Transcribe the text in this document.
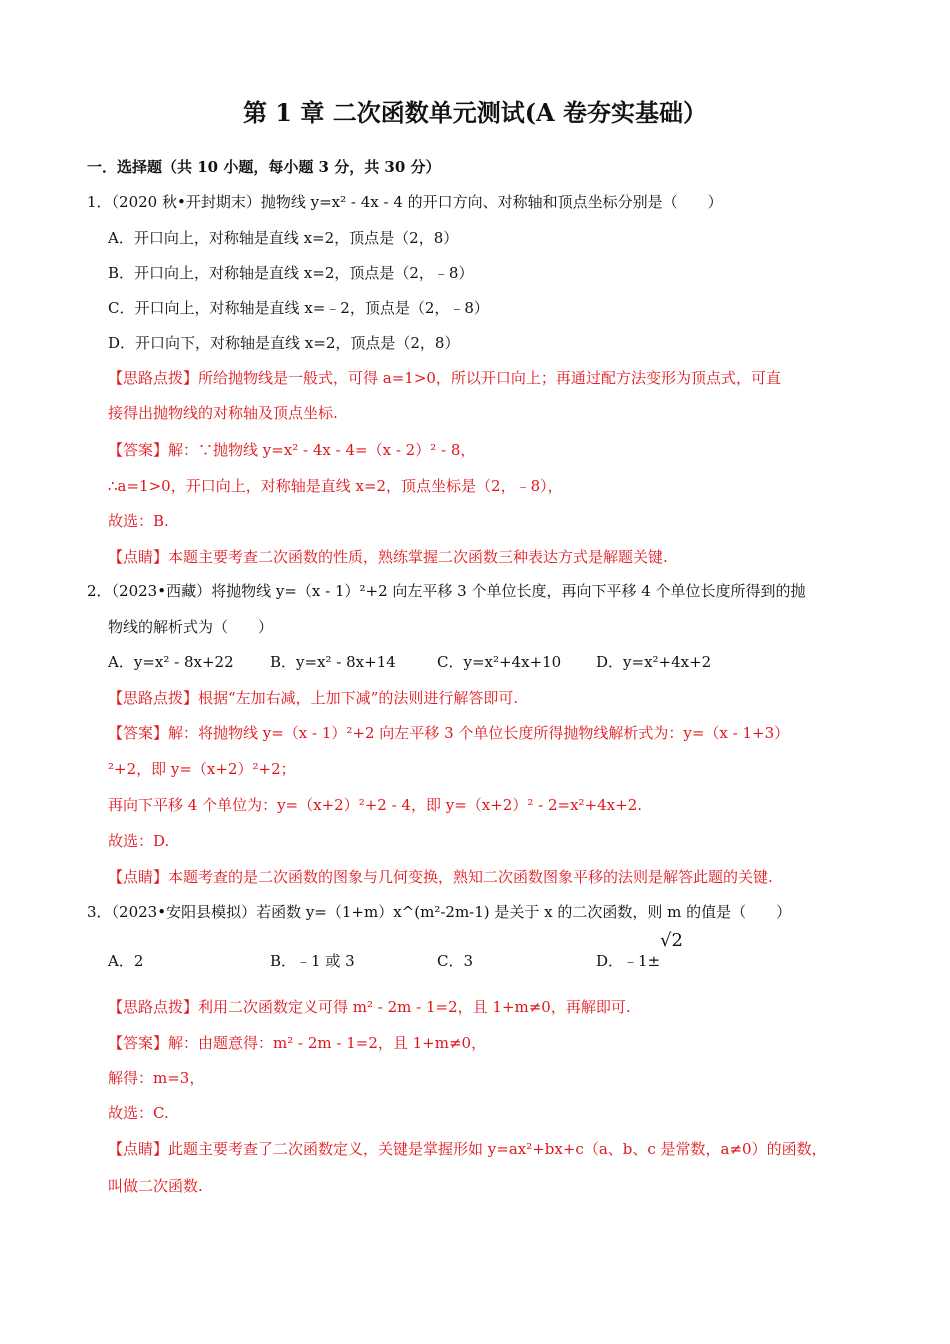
第 1 章 二次函数单元测试(A 卷夯实基础）
一．选择题（共 10 小题，每小题 3 分，共 30 分）
1．（2020 秋•开封期末）抛物线 y=x² - 4x - 4 的开口方向、对称轴和顶点坐标分别是（　　）
A．开口向上，对称轴是直线 x=2，顶点是（2，8）
B．开口向上，对称轴是直线 x=2，顶点是（2，﹣8）
C．开口向上，对称轴是直线 x=﹣2，顶点是（2，﹣8）
D．开口向下，对称轴是直线 x=2，顶点是（2，8）
【思路点拨】所给抛物线是一般式，可得 a=1>0，所以开口向上；再通过配方法变形为顶点式，可直
接得出抛物线的对称轴及顶点坐标.
【答案】解：∵抛物线 y=x² - 4x - 4=（x - 2）² - 8，
∴a=1>0，开口向上，对称轴是直线 x=2，顶点坐标是（2，﹣8），
故选：B.
【点睛】本题主要考查二次函数的性质，熟练掌握二次函数三种表达方式是解题关键.
2．（2023•西藏）将抛物线 y=（x - 1）²+2 向左平移 3 个单位长度，再向下平移 4 个单位长度所得到的抛
物线的解析式为（　　）
A．y=x² - 8x+22 B．y=x² - 8x+14	C．y=x²+4x+10 D．y=x²+4x+2
【思路点拨】根据“左加右减，上加下减”的法则进行解答即可.
【答案】解：将抛物线 y=（x - 1）²+2 向左平移 3 个单位长度所得抛物线解析式为：y=（x - 1+3）
²+2，即 y=（x+2）²+2；
再向下平移 4 个单位为：y=（x+2）²+2 - 4，即 y=（x+2）² - 2=x²+4x+2.
故选：D.
【点睛】本题考查的是二次函数的图象与几何变换，熟知二次函数图象平移的法则是解答此题的关键.
3．（2023•安阳县模拟）若函数 y=（1+m）x^(m²-2m-1) 是关于 x 的二次函数，则 m 的值是（　　）
A．2	B．﹣1 或 3	C．3	D．﹣1±
√2
【思路点拨】利用二次函数定义可得 m² - 2m - 1=2，且 1+m≠0，再解即可.
【答案】解：由题意得：m² - 2m - 1=2，且 1+m≠0，
解得：m=3，
故选：C.
【点睛】此题主要考查了二次函数定义，关键是掌握形如 y=ax²+bx+c（a、b、c 是常数，a≠0）的函数，
叫做二次函数.
